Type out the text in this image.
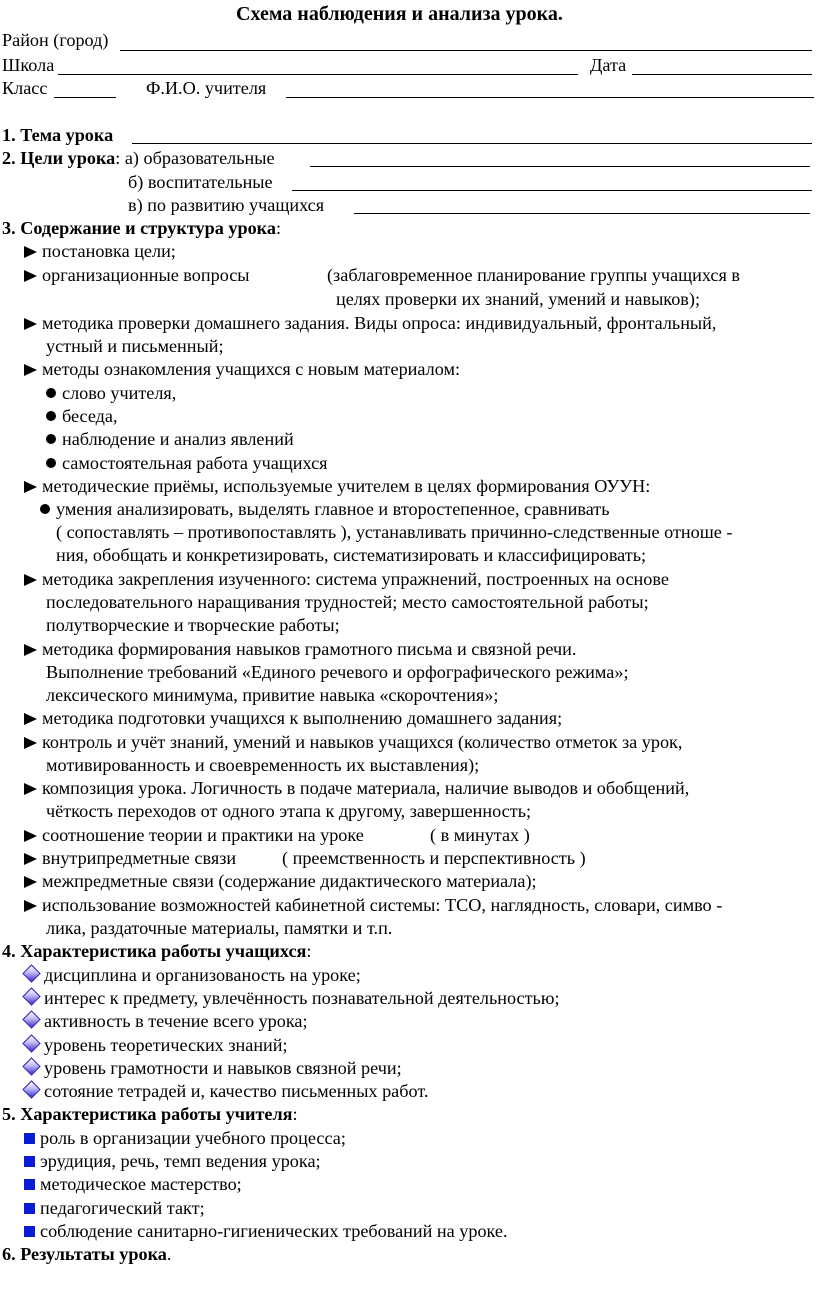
Схема наблюдения и анализа урока.
Район (город)
Школа	Дата
Класс	Ф.И.О. учителя
1. Тема урока
2. Цели урока: а) образовательные
б) воспитательные
в) по развитию учащихся
3. Содержание и структура урока:
постановка цели;
организационные вопросы	(заблаговременное планирование группы учащихся в
целях проверки их знаний, умений и навыков);
методика проверки домашнего задания. Виды опроса: индивидуальный, фронтальный,
устный и письменный;
методы ознакомления учащихся с новым материалом:
слово учителя,
беседа,
наблюдение и анализ явлений
самостоятельная работа учащихся
методические приёмы, используемые учителем в целях формирования ОУУН:
умения анализировать, выделять главное и второстепенное, сравнивать
( сопоставлять – противопоставлять ), устанавливать причинно-следственные отноше -
ния, обобщать и конкретизировать, систематизировать и классифицировать;
методика закрепления изученного: система упражнений, построенных на основе
последовательного наращивания трудностей; место самостоятельной работы;
полутворческие и творческие работы;
методика формирования навыков грамотного письма и связной речи.
Выполнение требований «Единого речевого и орфографического режима»;
лексического минимума, привитие навыка «скорочтения»;
методика подготовки учащихся к выполнению домашнего задания;
контроль и учёт знаний, умений и навыков учащихся (количество отметок за урок,
мотивированность и своевременность их выставления);
композиция урока. Логичность в подаче материала, наличие выводов и обобщений,
чёткость переходов от одного этапа к другому, завершенность;
соотношение теории и практики на уроке	( в минутах )
внутрипредметные связи	( преемственность и перспективность )
межпредметные связи (содержание дидактического материала);
использование возможностей кабинетной системы: ТСО, наглядность, словари, симво -
лика, раздаточные материалы, памятки и т.п.
4. Характеристика работы учащихся:
дисциплина и организованость на уроке;
интерес к предмету, увлечённость познавательной деятельностью;
активность в течение всего урока;
уровень теоретических знаний;
уровень грамотности и навыков связной речи;
сотояние тетрадей и, качество письменных работ.
5. Характеристика работы учителя:
роль в организации учебного процесса;
эрудиция, речь, темп ведения урока;
методическое мастерство;
педагогический такт;
соблюдение санитарно-гигиенических требований на уроке.
6. Результаты урока.
